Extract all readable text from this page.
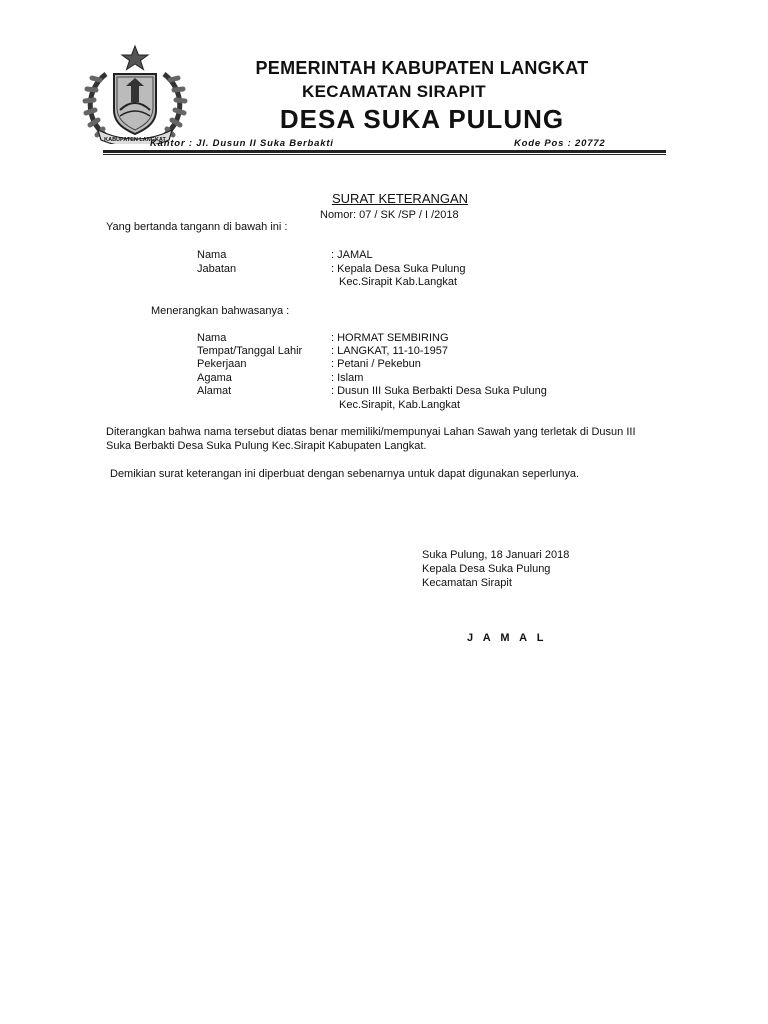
KABUPATEN LANGKAT
PEMERINTAH KABUPATEN LANGKAT
KECAMATAN SIRAPIT
DESA SUKA PULUNG
Kantor : Jl. Dusun II Suka Berbakti	Kode Pos : 20772
SURAT KETERANGAN
Nomor: 07 / SK /SP / I /2018
Yang bertanda tangann di bawah ini :
Nama	: JAMAL
Jabatan	: Kepala Desa Suka Pulung
Kec.Sirapit Kab.Langkat
Menerangkan bahwasanya :
Nama	: HORMAT SEMBIRING
Tempat/Tanggal Lahir	: LANGKAT, 11-10-1957
Pekerjaan	: Petani / Pekebun
Agama	: Islam
Alamat	: Dusun III Suka Berbakti Desa Suka Pulung
Kec.Sirapit, Kab.Langkat
Diterangkan bahwa nama tersebut diatas benar memiliki/mempunyai Lahan Sawah yang terletak di Dusun III
Suka Berbakti Desa Suka Pulung Kec.Sirapit Kabupaten Langkat.
Demikian surat keterangan ini diperbuat dengan sebenarnya untuk dapat digunakan seperlunya.
Suka Pulung, 18 Januari 2018
Kepala Desa Suka Pulung
Kecamatan Sirapit
J A M A L
